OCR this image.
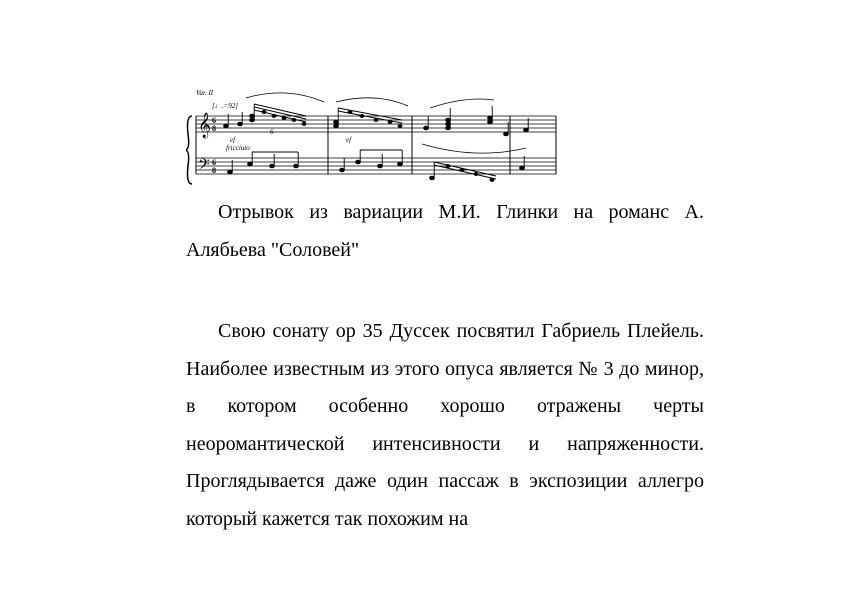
Var. II
[♩.=92]
ef	ef
fricciuto
6
𝄞
𝄢
6
8
6
8

Отрывок из вариации М.И. Глинки на романс А. Алябьева "Соловей"

Свою сонату ор 35 Дуссек посвятил Габриель Плейель. Наиболее известным из этого опуса является № 3 до минор, в котором особенно хорошо отражены черты неоромантической интенсивности и напряженности. Проглядывается даже один пассаж в экспозиции аллегро который кажется так похожим на
